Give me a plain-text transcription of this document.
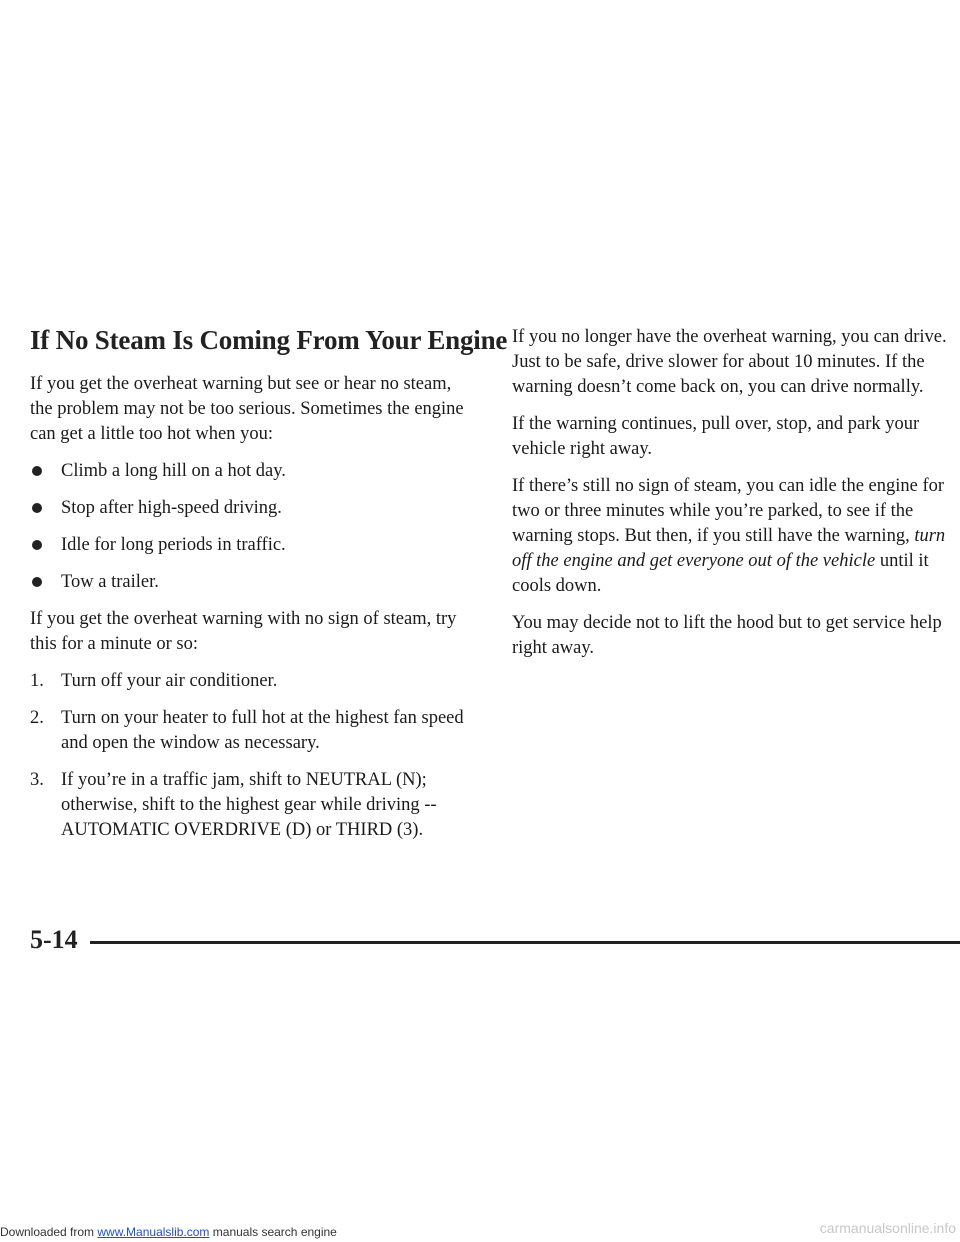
If No Steam Is Coming From Your Engine

If you get the overheat warning but see or hear no steam, the problem may not be too serious. Sometimes the engine can get a little too hot when you:

Climb a long hill on a hot day.
Stop after high-speed driving.
Idle for long periods in traffic.
Tow a trailer.

If you get the overheat warning with no sign of steam, try this for a minute or so:

1. Turn off your air conditioner.
2. Turn on your heater to full hot at the highest fan speed and open the window as necessary.
3. If you’re in a traffic jam, shift to NEUTRAL (N); otherwise, shift to the highest gear while driving -- AUTOMATIC OVERDRIVE (D) or THIRD (3).

If you no longer have the overheat warning, you can drive. Just to be safe, drive slower for about 10 minutes. If the warning doesn’t come back on, you can drive normally.

If the warning continues, pull over, stop, and park your vehicle right away.

If there’s still no sign of steam, you can idle the engine for two or three minutes while you’re parked, to see if the warning stops. But then, if you still have the warning, turn off the engine and get everyone out of the vehicle until it cools down.

You may decide not to lift the hood but to get service help right away.

5-14
Downloaded from www.Manualslib.com manuals search engine	carmanualsonline.info
